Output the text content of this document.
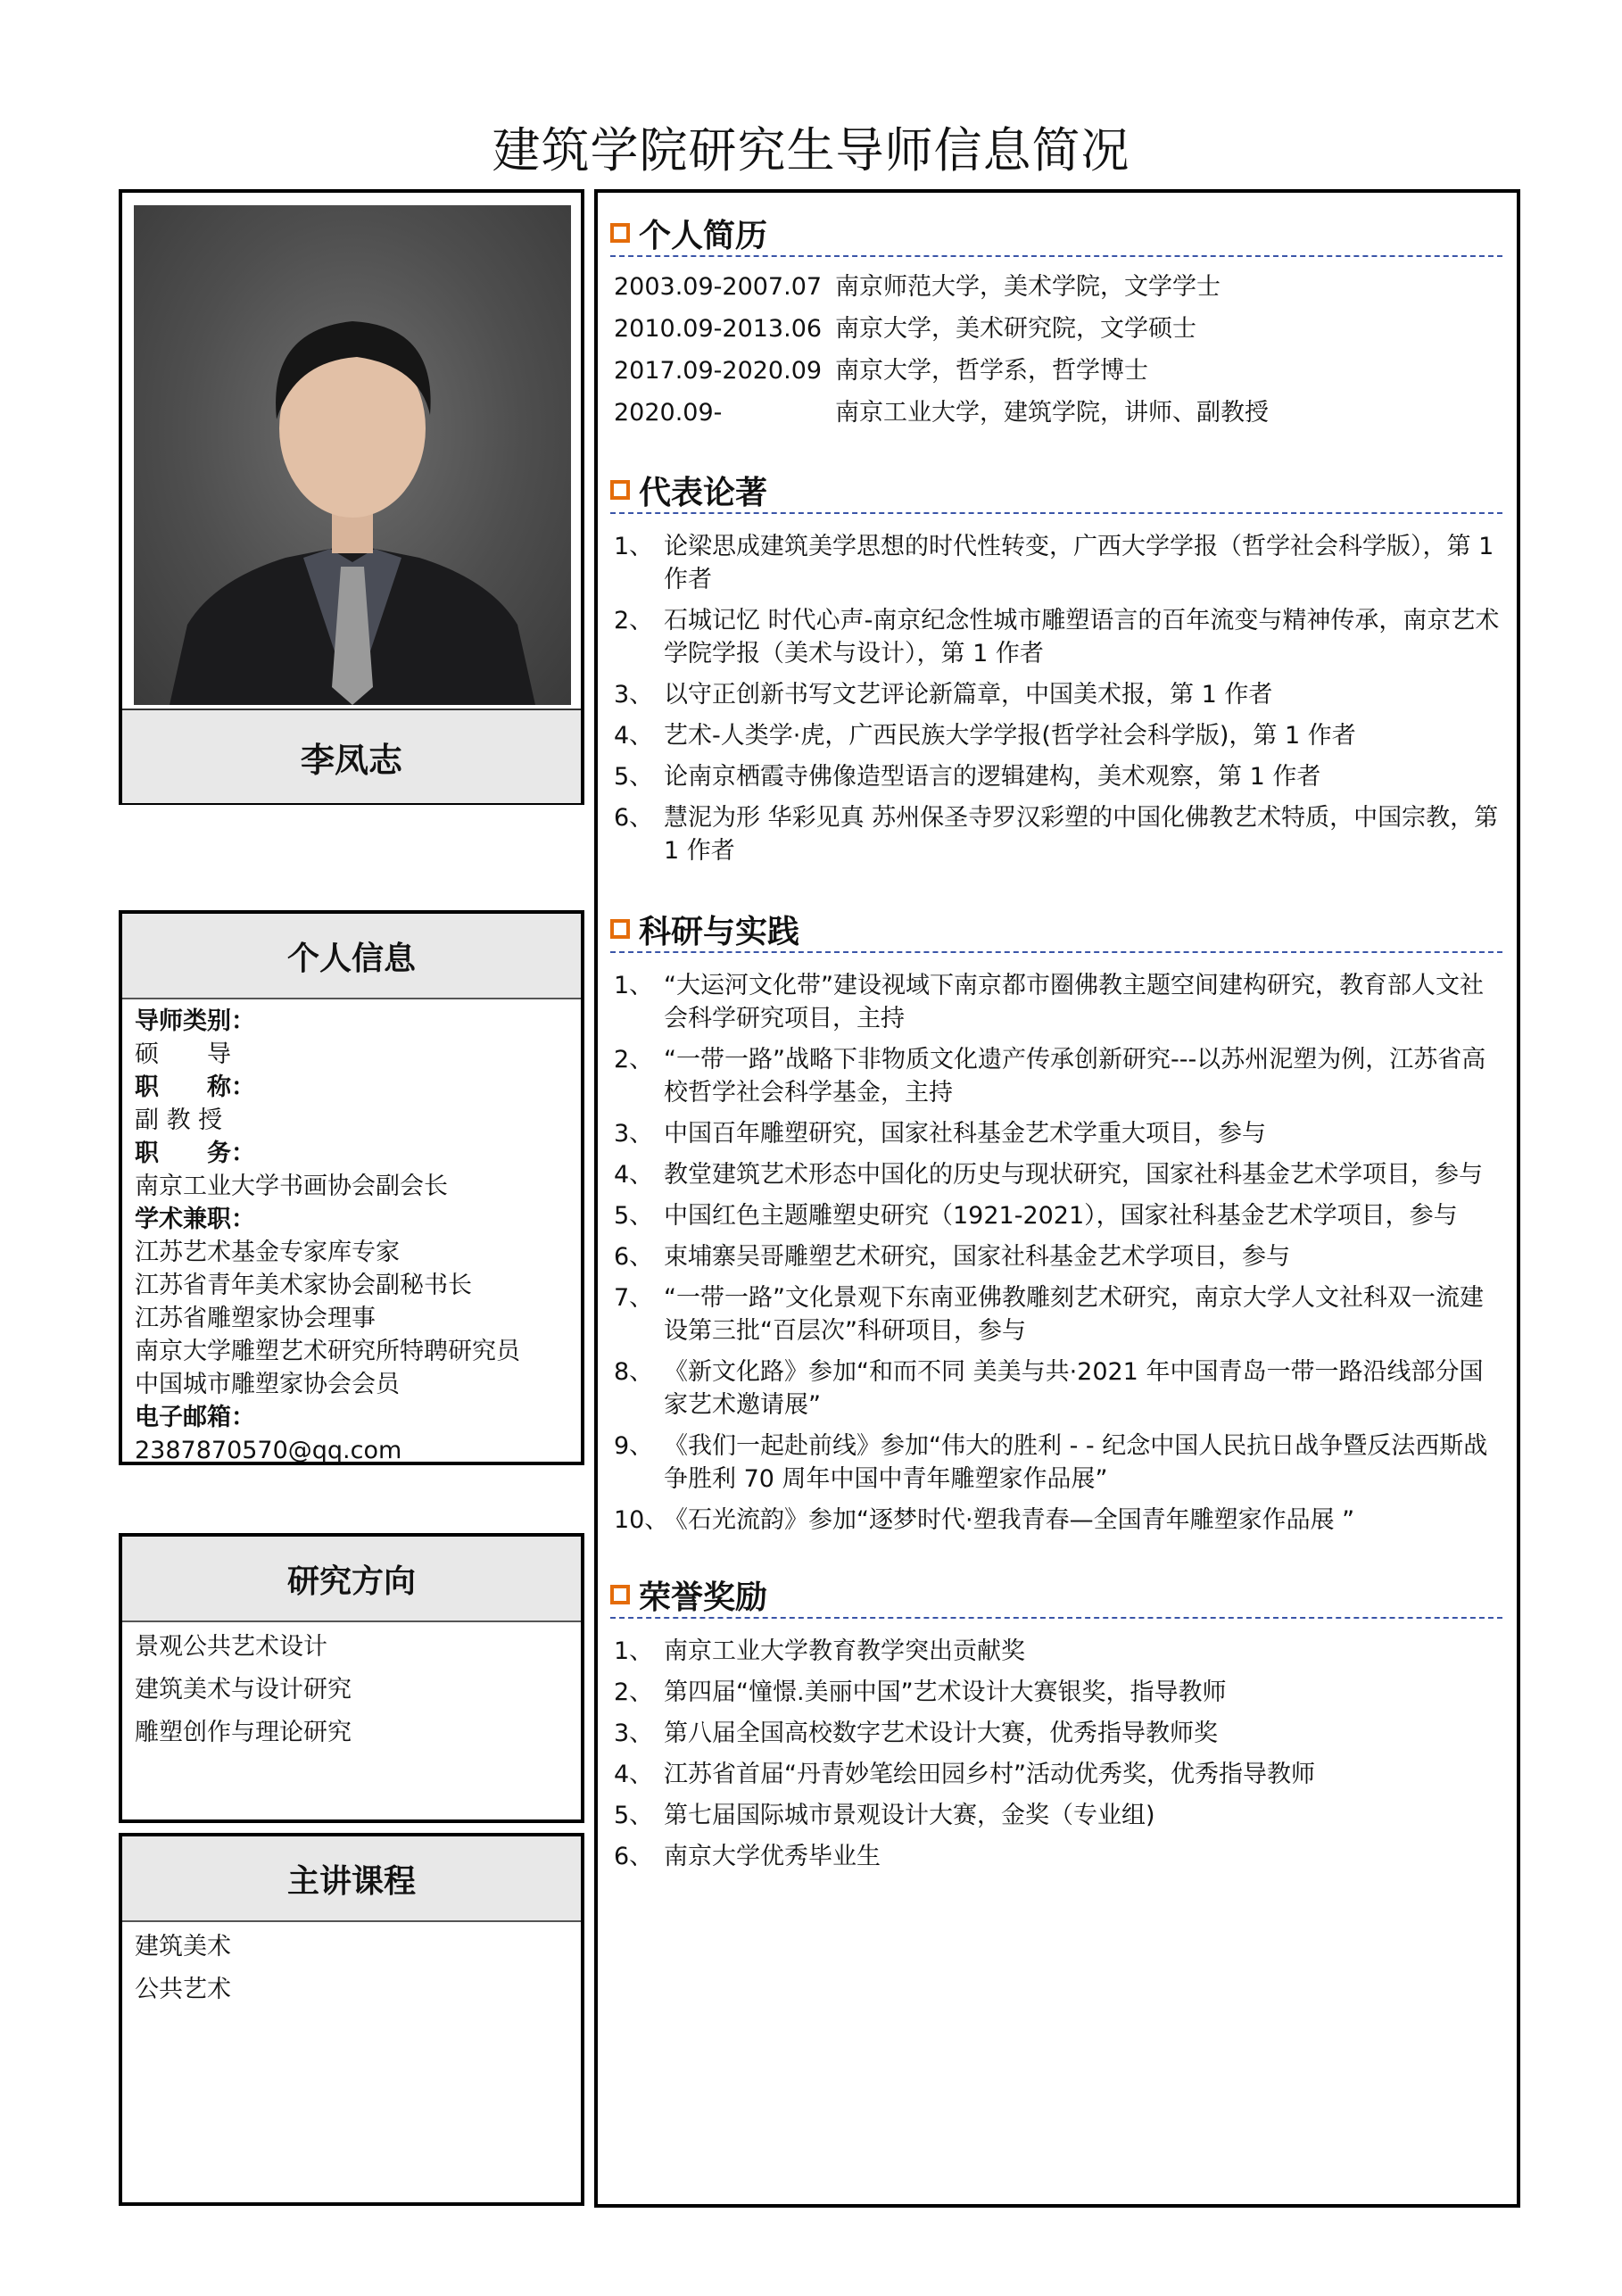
建筑学院研究生导师信息简况
李凤志
个人信息
导师类别：
硕　　导
职　　称：
副 教 授
职　　务：
南京工业大学书画协会副会长
学术兼职：
江苏艺术基金专家库专家
江苏省青年美术家协会副秘书长
江苏省雕塑家协会理事
南京大学雕塑艺术研究所特聘研究员
中国城市雕塑家协会会员
电子邮箱：
2387870570@qq.com
研究方向
景观公共艺术设计
建筑美术与设计研究
雕塑创作与理论研究
主讲课程
建筑美术
公共艺术
个人简历
2003.09-2007.07 南京师范大学，美术学院，文学学士
2010.09-2013.06 南京大学，美术研究院，文学硕士
2017.09-2020.09 南京大学，哲学系，哲学博士
2020.09-	南京工业大学，建筑学院，讲师、副教授
代表论著
1、 论梁思成建筑美学思想的时代性转变，广西大学学报（哲学社会科学版），第 1 作者
2、 石城记忆 时代心声-南京纪念性城市雕塑语言的百年流变与精神传承，南京艺术学院学报（美术与设计），第 1 作者
3、 以守正创新书写文艺评论新篇章，中国美术报，第 1 作者
4、 艺术-人类学·虎，广西民族大学学报(哲学社会科学版)，第 1 作者
5、 论南京栖霞寺佛像造型语言的逻辑建构，美术观察，第 1 作者
6、 慧泥为形 华彩见真 苏州保圣寺罗汉彩塑的中国化佛教艺术特质，中国宗教，第 1 作者
科研与实践
1、 “大运河文化带”建设视域下南京都市圈佛教主题空间建构研究，教育部人文社会科学研究项目，主持
2、 “一带一路”战略下非物质文化遗产传承创新研究---以苏州泥塑为例，江苏省高校哲学社会科学基金，主持
3、 中国百年雕塑研究，国家社科基金艺术学重大项目，参与
4、 教堂建筑艺术形态中国化的历史与现状研究，国家社科基金艺术学项目，参与
5、 中国红色主题雕塑史研究（1921-2021），国家社科基金艺术学项目，参与
6、 束埔寨吴哥雕塑艺术研究，国家社科基金艺术学项目，参与
7、 “一带一路”文化景观下东南亚佛教雕刻艺术研究，南京大学人文社科双一流建设第三批“百层次”科研项目，参与
8、 《新文化路》参加“和而不同 美美与共·2021 年中国青岛一带一路沿线部分国家艺术邀请展”
9、 《我们一起赴前线》参加“伟大的胜利 - - 纪念中国人民抗日战争暨反法西斯战争胜利 70 周年中国中青年雕塑家作品展”
10、
《石光流韵》参加“逐梦时代·塑我青春—全国青年雕塑家作品展 ”
荣誉奖励
1、 南京工业大学教育教学突出贡献奖
2、 第四届“憧憬.美丽中国”艺术设计大赛银奖，指导教师
3、 第八届全国高校数字艺术设计大赛，优秀指导教师奖
4、 江苏省首届“丹青妙笔绘田园乡村”活动优秀奖，优秀指导教师
5、 第七届国际城市景观设计大赛，金奖（专业组)
6、 南京大学优秀毕业生
